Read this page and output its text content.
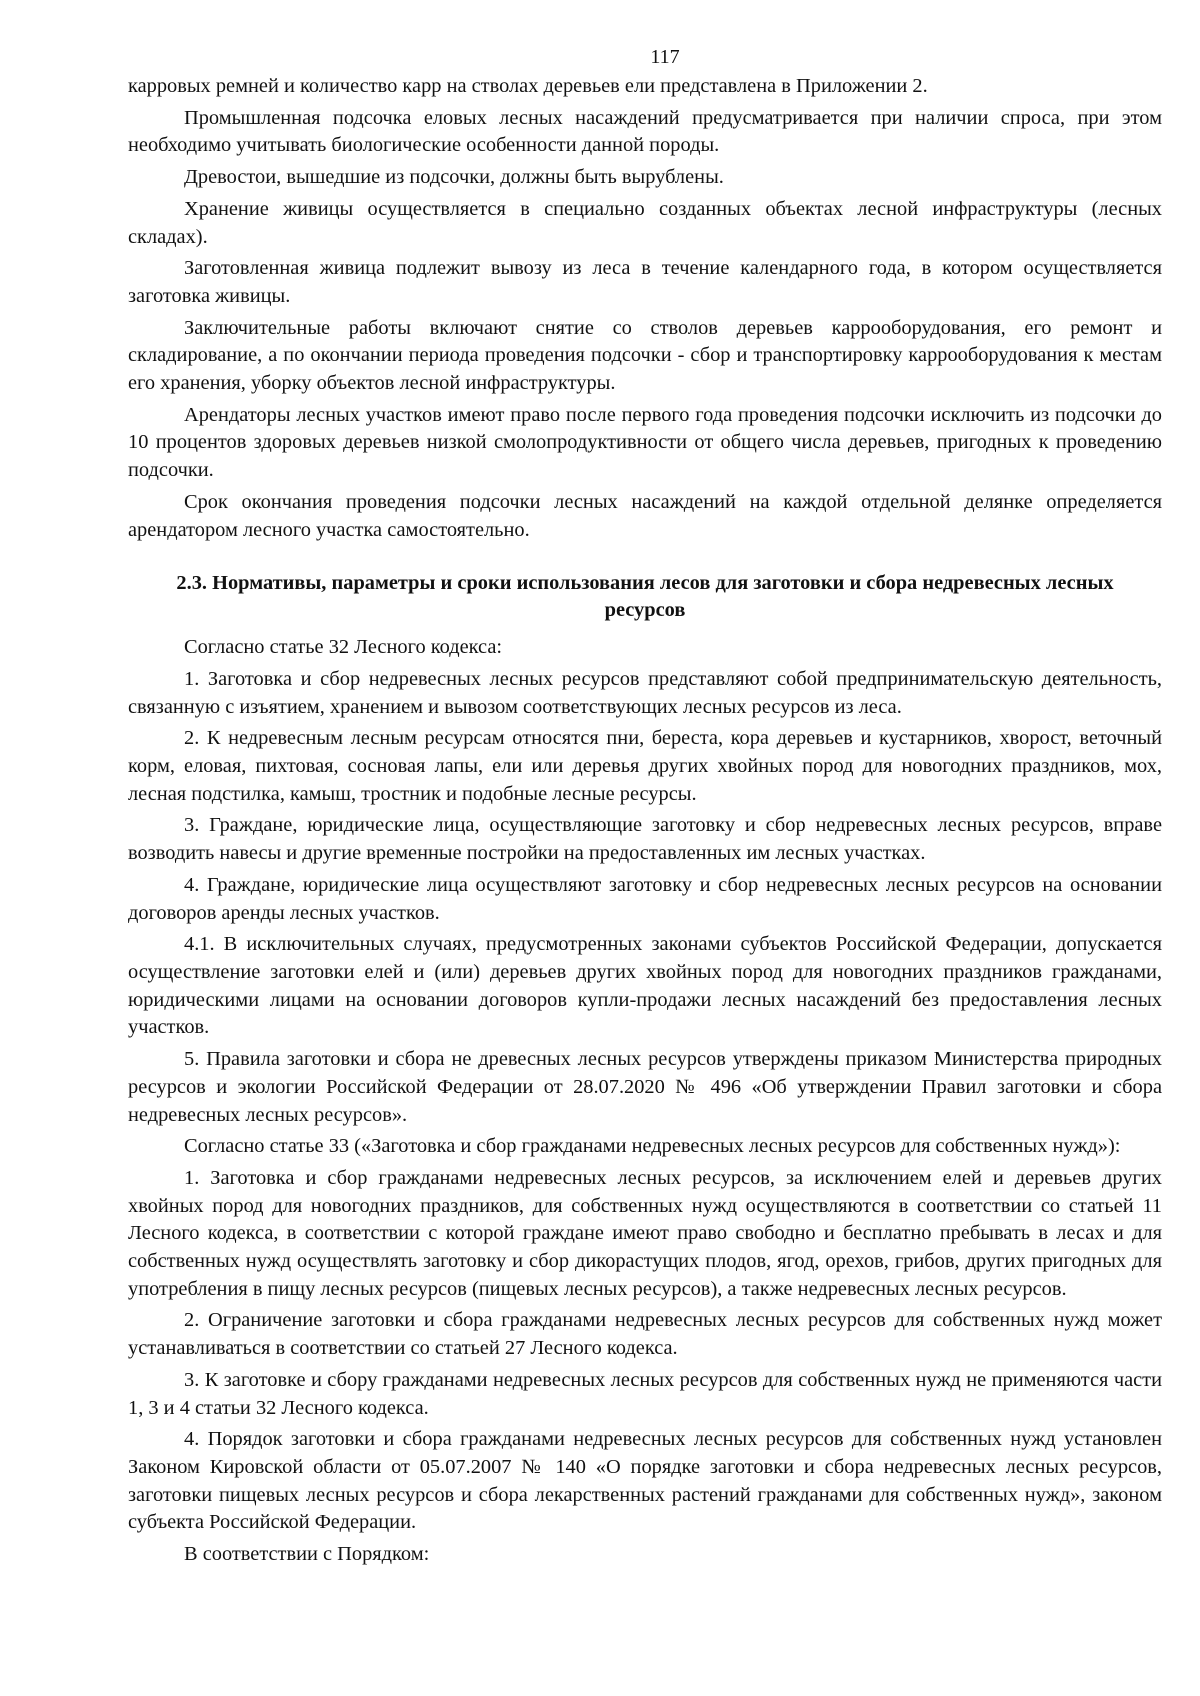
117

карровых ремней и количество карр на стволах деревьев ели представлена в Приложении 2.

Промышленная подсочка еловых лесных насаждений предусматривается при наличии спроса, при этом необходимо учитывать биологические особенности данной породы.

Древостои, вышедшие из подсочки, должны быть вырублены.

Хранение живицы осуществляется в специально созданных объектах лесной инфраструктуры (лесных складах).

Заготовленная живица подлежит вывозу из леса в течение календарного года, в котором осуществляется заготовка живицы.

Заключительные работы включают снятие со стволов деревьев каррооборудования, его ремонт и складирование, а по окончании периода проведения подсочки - сбор и транспортировку каррооборудования к местам его хранения, уборку объектов лесной инфраструктуры.

Арендаторы лесных участков имеют право после первого года проведения подсочки исключить из подсочки до 10 процентов здоровых деревьев низкой смолопродуктивности от общего числа деревьев, пригодных к проведению подсочки.

Срок окончания проведения подсочки лесных насаждений на каждой отдельной делянке определяется арендатором лесного участка самостоятельно.

2.3. Нормативы, параметры и сроки использования лесов для заготовки и сбора недревесных лесных ресурсов

Согласно статье 32 Лесного кодекса:

1. Заготовка и сбор недревесных лесных ресурсов представляют собой предпринимательскую деятельность, связанную с изъятием, хранением и вывозом соответствующих лесных ресурсов из леса.

2. К недревесным лесным ресурсам относятся пни, береста, кора деревьев и кустарников, хворост, веточный корм, еловая, пихтовая, сосновая лапы, ели или деревья других хвойных пород для новогодних праздников, мох, лесная подстилка, камыш, тростник и подобные лесные ресурсы.

3. Граждане, юридические лица, осуществляющие заготовку и сбор недревесных лесных ресурсов, вправе возводить навесы и другие временные постройки на предоставленных им лесных участках.

4. Граждане, юридические лица осуществляют заготовку и сбор недревесных лесных ресурсов на основании договоров аренды лесных участков.

4.1. В исключительных случаях, предусмотренных законами субъектов Российской Федерации, допускается осуществление заготовки елей и (или) деревьев других хвойных пород для новогодних праздников гражданами, юридическими лицами на основании договоров купли-продажи лесных насаждений без предоставления лесных участков.

5. Правила заготовки и сбора не древесных лесных ресурсов утверждены приказом Министерства природных ресурсов и экологии Российской Федерации от 28.07.2020 № 496 «Об утверждении Правил заготовки и сбора недревесных лесных ресурсов».

Согласно статье 33 («Заготовка и сбор гражданами недревесных лесных ресурсов для собственных нужд»):

1. Заготовка и сбор гражданами недревесных лесных ресурсов, за исключением елей и деревьев других хвойных пород для новогодних праздников, для собственных нужд осуществляются в соответствии со статьей 11 Лесного кодекса, в соответствии с которой граждане имеют право свободно и бесплатно пребывать в лесах и для собственных нужд осуществлять заготовку и сбор дикорастущих плодов, ягод, орехов, грибов, других пригодных для употребления в пищу лесных ресурсов (пищевых лесных ресурсов), а также недревесных лесных ресурсов.

2. Ограничение заготовки и сбора гражданами недревесных лесных ресурсов для собственных нужд может устанавливаться в соответствии со статьей 27 Лесного кодекса.

3. К заготовке и сбору гражданами недревесных лесных ресурсов для собственных нужд не применяются части 1, 3 и 4 статьи 32 Лесного кодекса.

4. Порядок заготовки и сбора гражданами недревесных лесных ресурсов для собственных нужд установлен Законом Кировской области от 05.07.2007 № 140 «О порядке заготовки и сбора недревесных лесных ресурсов, заготовки пищевых лесных ресурсов и сбора лекарственных растений гражданами для собственных нужд», законом субъекта Российской Федерации.

В соответствии с Порядком:
